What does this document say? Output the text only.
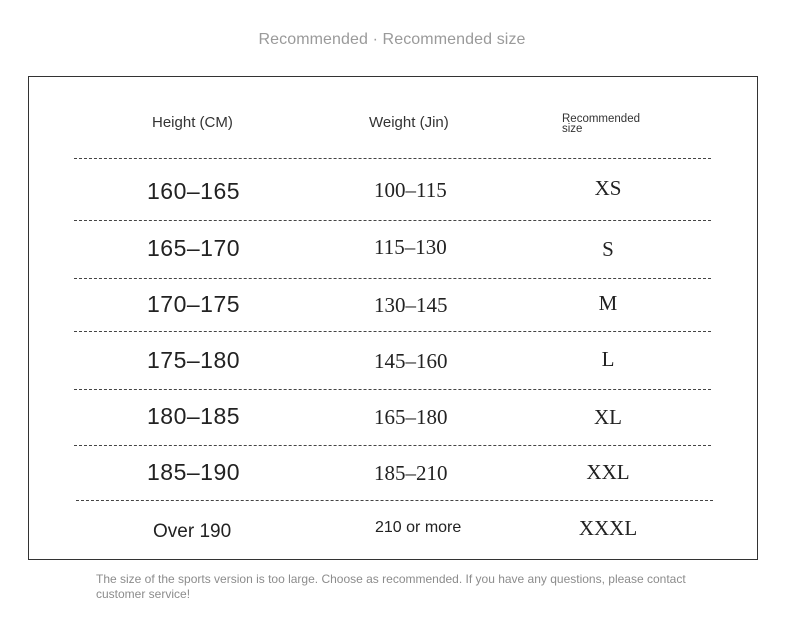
Recommended · Recommended size
Height (CM)	Weight (Jin)	Recommended
size
160–165	100–115	XS
165–170	115–130	S
170–175	130–145	M
175–180	145–160	L
180–185	165–180	XL
185–190	185–210	XXL
Over 190	210 or more	XXXL
The size of the sports version is too large. Choose as recommended. If you have any questions, please contact customer service!
